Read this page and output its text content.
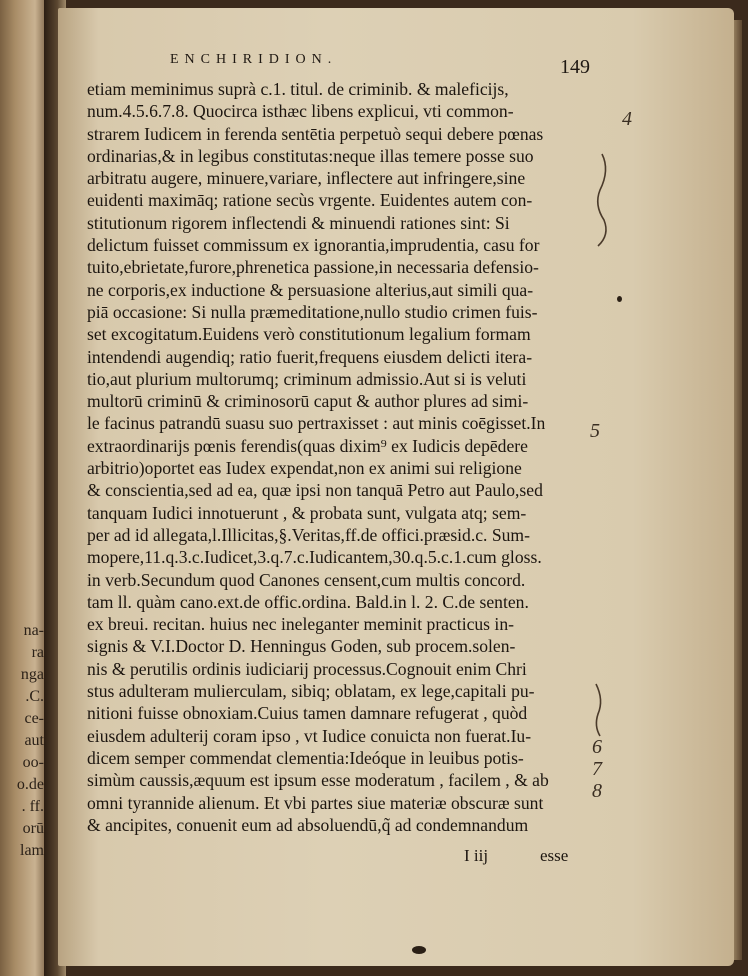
na-
ra
nga
.C.
ce-
aut
oo-
o.de
. ff.
orū
lam
ENCHIRIDION.	149
etiam meminimus suprà c.1. titul. de criminib. & maleficijs,
num.4.5.6.7.8. Quocirca isthæc libens explicui, vti common-
strarem Iudicem in ferenda sentētia perpetuò sequi debere pœnas
ordinarias,& in legibus constitutas:neque illas temere posse suo
arbitratu augere, minuere,variare, inflectere aut infringere,sine
euidenti maximāq; ratione secùs vrgente. Euidentes autem con-
stitutionum rigorem inflectendi & minuendi rationes sint: Si
delictum fuisset commissum ex ignorantia,imprudentia, casu for
tuito,ebrietate,furore,phrenetica passione,in necessaria defensio-
ne corporis,ex inductione & persuasione alterius,aut simili qua-
piā occasione: Si nulla præmeditatione,nullo studio crimen fuis-
set excogitatum.Euidens verò constitutionum legalium formam
intendendi augendiq; ratio fuerit,frequens eiusdem delicti itera-
tio,aut plurium multorumq; criminum admissio.Aut si is veluti
multorū criminū & criminosorū caput & author plures ad simi-
le facinus patrandū suasu suo pertraxisset : aut minis coēgisset.In
extraordinarijs pœnis ferendis(quas dixim⁹ ex Iudicis depēdere
arbitrio)oportet eas Iudex expendat,non ex animi sui religione
& conscientia,sed ad ea, quæ ipsi non tanquā Petro aut Paulo,sed
tanquam Iudici innotuerunt , & probata sunt, vulgata atq; sem-
per ad id allegata,l.Illicitas,§.Veritas,ff.de offici.præsid.c. Sum-
mopere,11.q.3.c.Iudicet,3.q.7.c.Iudicantem,30.q.5.c.1.cum gloss.
in verb.Secundum quod Canones censent,cum multis concord.
tam ll. quàm cano.ext.de offic.ordina. Bald.in l. 2. C.de senten.
ex breui. recitan. huius nec ineleganter meminit practicus in-
signis & V.I.Doctor D. Henningus Goden, sub procem.solen-
nis & perutilis ordinis iudiciarij processus.Cognouit enim Chri
stus adulteram mulierculam, sibiq; oblatam, ex lege,capitali pu-
nitioni fuisse obnoxiam.Cuius tamen damnare refugerat , quòd
eiusdem adulterij coram ipso , vt Iudice conuicta non fuerat.Iu-
dicem semper commendat clementia:Ideóque in leuibus potis-
simùm caussis,æquum est ipsum esse moderatum , facilem , & ab
omni tyrannide alienum. Et vbi partes siue materiæ obscuræ sunt
& ancipites, conuenit eum ad absoluendū,q̃ ad condemnandum
4
5
6
7
8
I iij	esse
